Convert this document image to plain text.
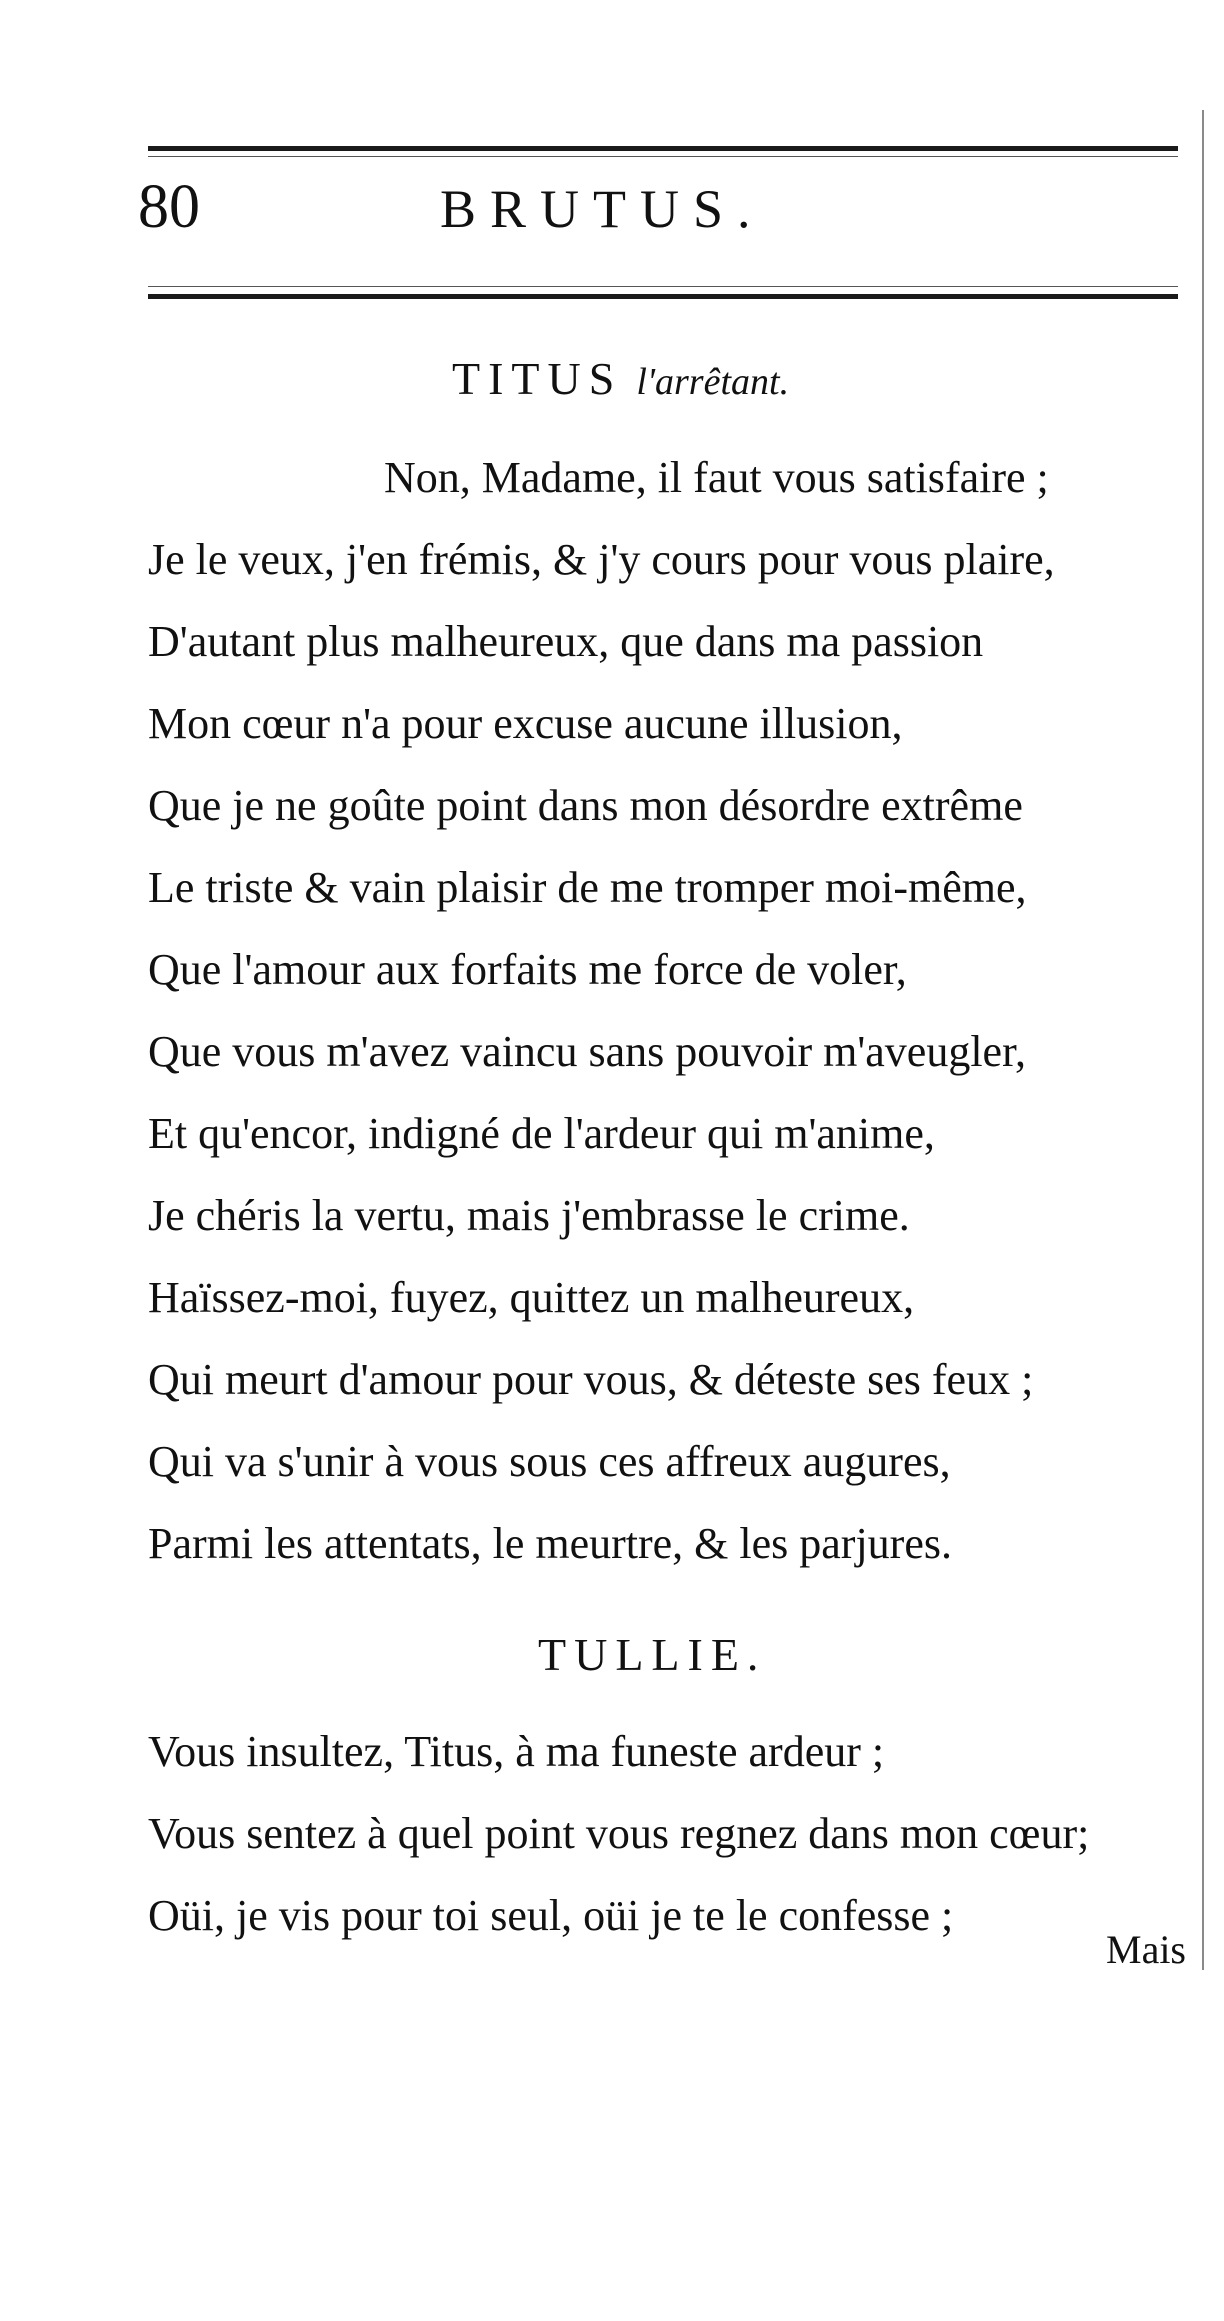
80	BRUTUS.
TITUS l'arrêtant.
Non, Madame, il faut vous satisfaire ;
Je le veux, j'en frémis, & j'y cours pour vous plaire,
D'autant plus malheureux, que dans ma passion
Mon cœur n'a pour excuse aucune illusion,
Que je ne goûte point dans mon désordre extrême
Le triste & vain plaisir de me tromper moi-même,
Que l'amour aux forfaits me force de voler,
Que vous m'avez vaincu sans pouvoir m'aveugler,
Et qu'encor, indigné de l'ardeur qui m'anime,
Je chéris la vertu, mais j'embrasse le crime.
Haïssez-moi, fuyez, quittez un malheureux,
Qui meurt d'amour pour vous, & déteste ses feux ;
Qui va s'unir à vous sous ces affreux augures,
Parmi les attentats, le meurtre, & les parjures.
TULLIE.
Vous insultez, Titus, à ma funeste ardeur ;
Vous sentez à quel point vous regnez dans mon cœur;
Oüi, je vis pour toi seul, oüi je te le confesse ;
Mais
